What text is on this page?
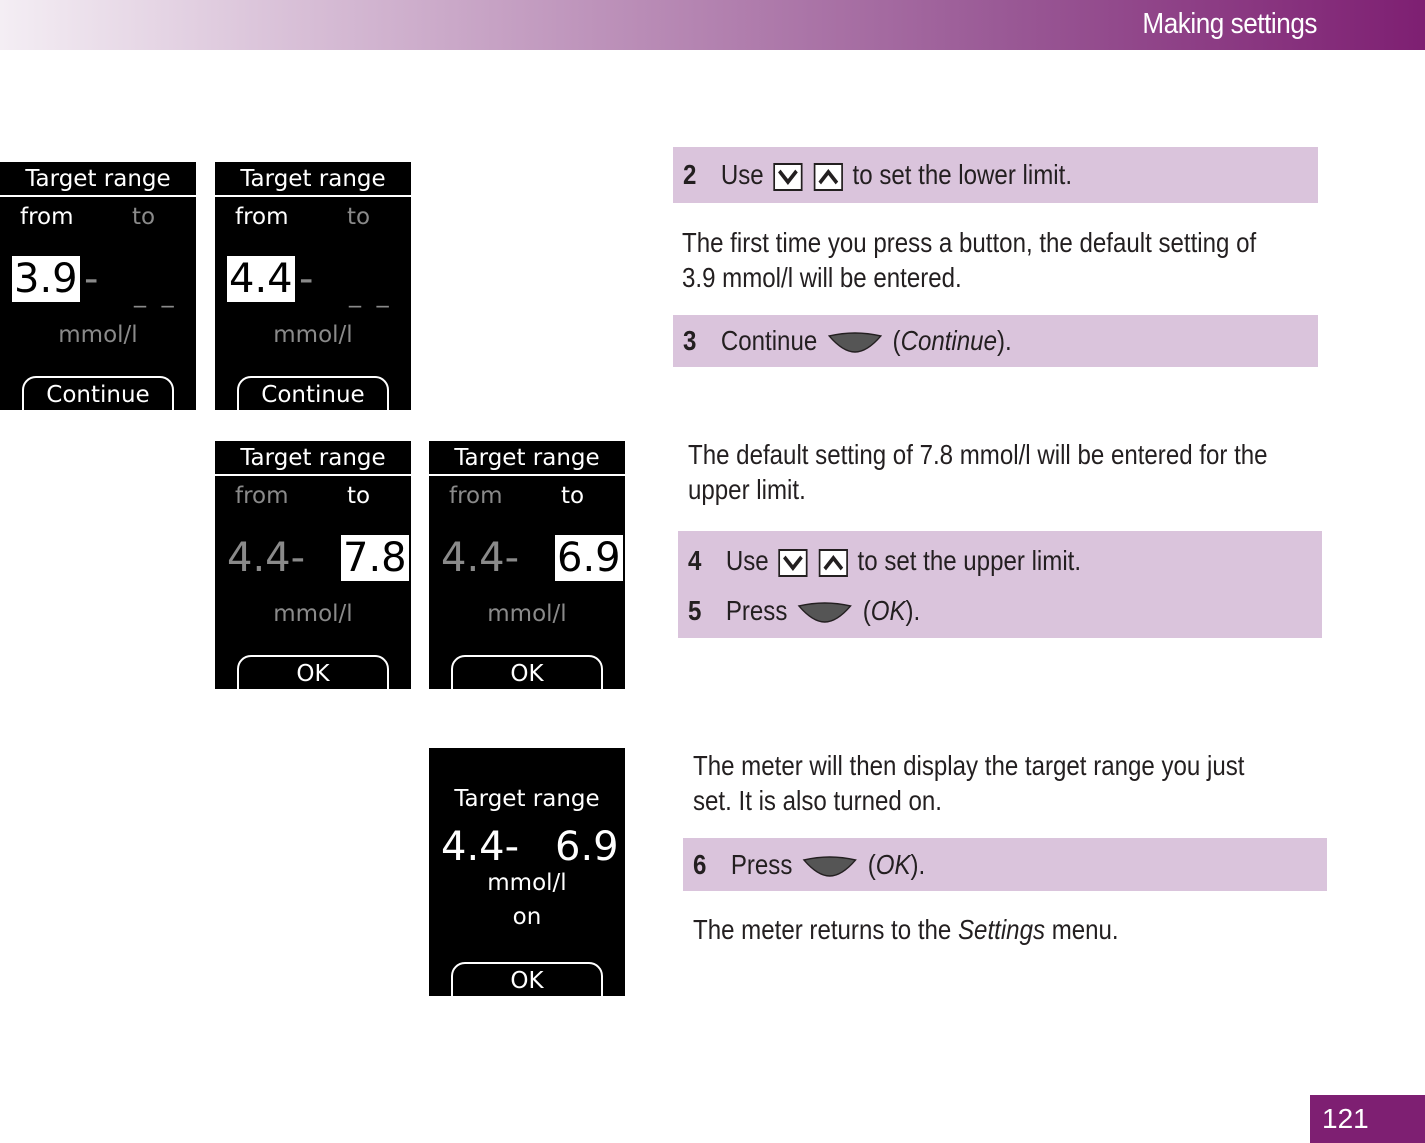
Making settings
Target range
from	to
3.9 - _ _
mmol/l
Continue
Target range
from	to
4.4 - _ _
mmol/l
Continue
Target range
from	to
4.4- 7.8
mmol/l
OK
Target range
from	to
4.4- 6.9
mmol/l
OK
Target range
4.4- 6.9
mmol/l
on
OK
2 Use
	to set the lower limit.
The first time you press a button, the default setting of
3.9 mmol/l will be entered.
3 Continue	(Continue).
The default setting of 7.8 mmol/l will be entered for the
upper limit.
4 Use
	to set the upper limit.
5 Press	(OK).
The meter will then display the target range you just
set. It is also turned on.
6 Press	(OK).
The meter returns to the Settings menu.
121
